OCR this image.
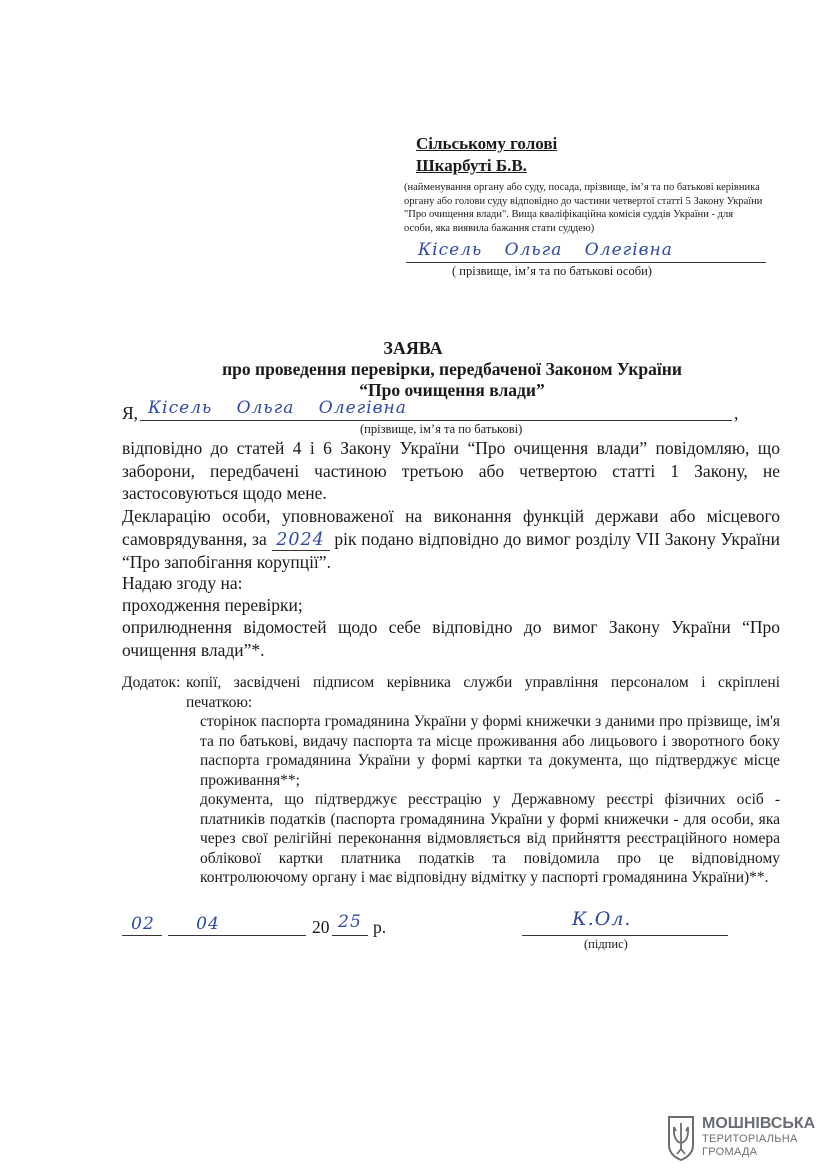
Сільському голові
Шкарбуті Б.В.
(найменування органу або суду, посада, прізвище, ім’я та по батькові керівника органу або голови суду відповідно до частини четвертої статті 5 Закону України "Про очищення влади". Вища кваліфікаційна комісія суддів України - для особи, яка виявила бажання стати суддею)
Кісель Ольга Олегівна
( прізвище, ім’я та по батькові особи)
ЗАЯВА
про проведення перевірки, передбаченої Законом України
“Про очищення влади”
Я, Кісель Ольга Олегівна	,
(прізвище, ім’я та по батькові)
відповідно до статей 4 і 6 Закону України “Про очищення влади” повідомляю, що заборони, передбачені частиною третьою або четвертою статті 1 Закону, не застосовуються щодо мене.
Декларацію особи, уповноваженої на виконання функцій держави або місцевого самоврядування, за 2024 рік подано відповідно до вимог розділу VII Закону України “Про запобігання корупції”.
Надаю згоду на:
проходження перевірки;
оприлюднення відомостей щодо себе відповідно до вимог Закону України “Про очищення влади”*.
Додаток: копії, засвідчені підписом керівника служби управління персоналом і скріплені печаткою:
сторінок паспорта громадянина України у формі книжечки з даними про прізвище, ім'я та по батькові, видачу паспорта та місце проживання або лицьового і зворотного боку паспорта громадянина України у формі картки та документа, що підтверджує місце проживання**;
документа, що підтверджує реєстрацію у Державному реєстрі фізичних осіб - платників податків (паспорта громадянина України у формі книжечки - для особи, яка через свої релігійні переконання відмовляється від прийняття реєстраційного номера облікової картки платника податків та повідомила про це відповідному контролюючому органу і має відповідну відмітку у паспорті громадянина України)**.
02	04	20 25 р.	К.Ол.
(підпис)
МОШНІВСЬКА
ТЕРИТОРІАЛЬНА
ГРОМАДА
